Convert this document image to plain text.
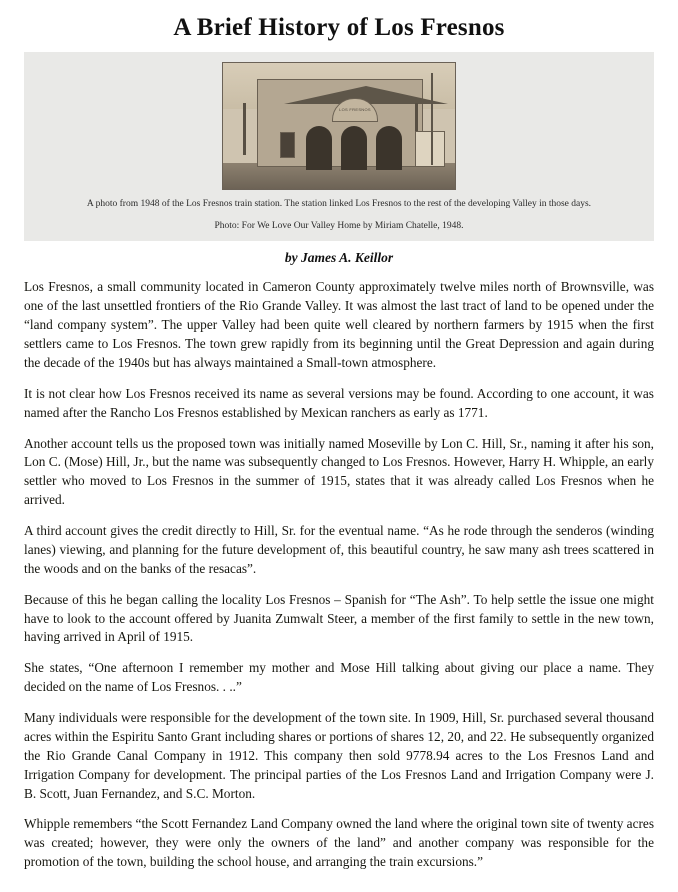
A Brief History of Los Fresnos
LOS FRESNOS
A photo from 1948 of the Los Fresnos train station. The station linked Los Fresnos to the rest of the developing Valley in those days.
Photo: For We Love Our Valley Home by Miriam Chatelle, 1948.
by James A. Keillor

Los Fresnos, a small community located in Cameron County approximately twelve miles north of Brownsville, was one of the last unsettled frontiers of the Rio Grande Valley. It was almost the last tract of land to be opened under the “land company system”. The upper Valley had been quite well cleared by northern farmers by 1915 when the first settlers came to Los Fresnos. The town grew rapidly from its beginning until the Great Depression and again during the decade of the 1940s but has always maintained a Small-town atmosphere.

It is not clear how Los Fresnos received its name as several versions may be found. According to one account, it was named after the Rancho Los Fresnos established by Mexican ranchers as early as 1771.

Another account tells us the proposed town was initially named Moseville by Lon C. Hill, Sr., naming it after his son, Lon C. (Mose) Hill, Jr., but the name was subsequently changed to Los Fresnos. However, Harry H. Whipple, an early settler who moved to Los Fresnos in the summer of 1915, states that it was already called Los Fresnos when he arrived.

A third account gives the credit directly to Hill, Sr. for the eventual name. “As he rode through the senderos (winding lanes) viewing, and planning for the future development of, this beautiful country, he saw many ash trees scattered in the woods and on the banks of the resacas”.

Because of this he began calling the locality Los Fresnos – Spanish for “The Ash”. To help settle the issue one might have to look to the account offered by Juanita Zumwalt Steer, a member of the first family to settle in the new town, having arrived in April of 1915.

She states, “One afternoon I remember my mother and Mose Hill talking about giving our place a name. They decided on the name of Los Fresnos. . ..”

Many individuals were responsible for the development of the town site. In 1909, Hill, Sr. purchased several thousand acres within the Espiritu Santo Grant including shares or portions of shares 12, 20, and 22. He subsequently organized the Rio Grande Canal Company in 1912. This company then sold 9778.94 acres to the Los Fresnos Land and Irrigation Company for development. The principal parties of the Los Fresnos Land and Irrigation Company were J. B. Scott, Juan Fernandez, and S.C. Morton.

Whipple remembers “the Scott Fernandez Land Company owned the land where the original town site of twenty acres was created; however, they were only the owners of the land” and another company was responsible for the promotion of the town, building the school house, and arranging the train excursions.”
